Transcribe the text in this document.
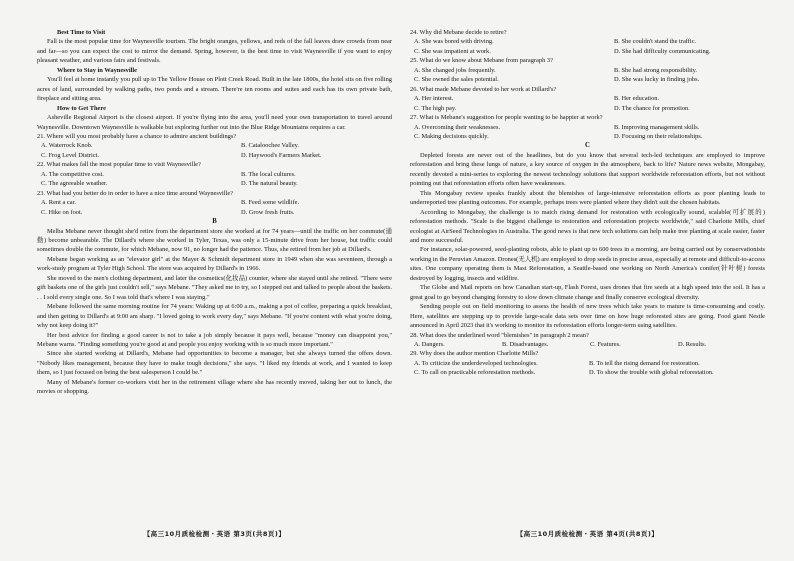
Best Time to Visit

Fall is the most popular time for Waynesville tourism. The bright oranges, yellows, and reds of the fall leaves draw crowds from near and far—so you can expect the cost to mirror the demand. Spring, however, is the best time to visit Waynesville if you want to enjoy pleasant weather, and various fairs and festivals.

Where to Stay in Waynesville

You'll feel at home instantly you pull up to The Yellow House on Plott Creek Road. Built in the late 1800s, the hotel sits on five rolling acres of land, surrounded by walking paths, two ponds and a stream. There're ten rooms and suites and each has its own private bath, fireplace and sitting area.

How to Get There

Asheville Regional Airport is the closest airport. If you're flying into the area, you'll need your own transportation to travel around Waynesville. Downtown Waynesville is walkable but exploring further out into the Blue Ridge Mountains requires a car.

21. Where will you most probably have a chance to admire ancient buildings?
A. Waterrock Knob.	B. Cataloochee Valley.
C. Frog Level District.	D. Haywood's Farmers Market.
22. What makes fall the most popular time to visit Waynesville?
A. The competitive cost.	B. The local cultures.
C. The agreeable weather.	D. The natural beauty.
23. What had you better do in order to have a nice time around Waynesville?
A. Rent a car.	B. Feed some wildlife.
C. Hike on foot.	D. Grow fresh fruits.
B

Melba Mebane never thought she'd retire from the department store she worked at for 74 years—until the traffic on her commute(通勤) become unbearable. The Dillard's where she worked in Tyler, Texas, was only a 15-minute drive from her house, but traffic could sometimes double the commute, for which Mebane, now 91, no longer had the patience. Thus, she retired from her job at Dillard's.

Mebane began working as an "elevator girl" at the Mayer & Schmidt department store in 1949 when she was seventeen, through a work-study program at Tyler High School. The store was acquired by Dillard's in 1966.

She moved to the men's clothing department, and later the cosmetics(化妆品) counter, where she stayed until she retired. "There were gift baskets one of the girls just couldn't sell," says Mebane. "They asked me to try, so I stepped out and talked to people about the baskets. . . I sold every single one. So I was told that's where I was staying."

Mebane followed the same morning routine for 74 years: Waking up at 6:00 a.m., making a pot of coffee, preparing a quick breakfast, and then getting to Dillard's at 9:00 am sharp. "I loved going to work every day," says Mebane. "If you're content with what you're doing, why not keep doing it?"

Her best advice for finding a good career is not to take a job simply because it pays well, because "money can disappoint you," Mebane warns. "Finding something you're good at and people you enjoy working with is so much more important."

Since she started working at Dillard's, Mebane had opportunities to become a manager, but she always turned the offers down. "Nobody likes management, because they have to make tough decisions," she says. "I liked my friends at work, and I wanted to keep them, so I just focused on being the best salesperson I could be."

Many of Mebane's former co-workers visit her in the retirement village where she has recently moved, taking her out to lunch, the movies or shopping.

【高三10月质检检测・英语 第3页(共8页)】
24. Why did Mebane decide to retire?
A. She was bored with driving.	B. She couldn't stand the traffic.
C. She was impatient at work.	D. She had difficulty communicating.
25. What do we know about Mebane from paragraph 3?
A. She changed jobs frequently.	B. She had strong responsibility.
C. She owned the sales potential.	D. She was lucky in finding jobs.
26. What made Mebane devoted to her work at Dillard's?
A. Her interest.	B. Her education.
C. The high pay.	D. The chance for promotion.
27. What is Mebane's suggestion for people wanting to be happier at work?
A. Overcoming their weaknesses.	B. Improving management skills.
C. Making decisions quickly.	D. Focusing on their relationships.
C

Depleted forests are never out of the headlines, but do you know that several tech-led techniques are employed to improve reforestation and bring these lungs of nature, a key source of oxygen in the atmosphere, back to life? Nature news website, Mongabay, recently devoted a mini-series to exploring the newest technology solutions that support worldwide reforestation efforts, but not without pointing out that reforestation efforts often have weaknesses.

This Mongabay review speaks frankly about the blemishes of large-intensive reforestation efforts as poor planting leads to underreported tree planting outcomes. For example, perhaps trees were planted where they didn't suit the chosen habitats.

According to Mongabay, the challenge is to match rising demand for restoration with ecologically sound, scalable(可扩展的) reforestation methods. "Scale is the biggest challenge to restoration and reforestation projects worldwide," said Charlotte Mills, chief ecologist at AirSeed Technologies in Australia. The good news is that new tech solutions can help make tree planting at scale easier, faster and more successful.

For instance, solar-powered, seed-planting robots, able to plant up to 600 trees in a morning, are being carried out by conservationists working in the Peruvian Amazon. Drones(无人机) are employed to drop seeds in precise areas, especially at remote and difficult-to-access sites. One company operating them is Mast Reforestation, a Seattle-based one working on North America's conifer(针叶树) forests destroyed by logging, insects and wildfire.

The Globe and Mail reports on how Canadian start-up, Flash Forest, uses drones that fire seeds at a high speed into the soil. It has a great goal to go beyond changing forestry to slow down climate change and finally conserve ecological diversity.

Sending people out on field monitoring to assess the health of new trees which take years to mature is time-consuming and costly. Here, satellites are stepping up to provide large-scale data sets over time on how huge reforested sites are going. Food giant Nestle announced in April 2023 that it's working to monitor its reforestation efforts longer-term using satellites.

28. What does the underlined word "blemishes" in paragraph 2 mean?
A. Dangers.	B. Disadvantages.	C. Features.	D. Results.
29. Why does the author mention Charlotte Mills?
A. To criticize the underdeveloped technologies.	B. To tell the rising demand for restoration.
C. To call on practicable reforestation methods.	D. To show the trouble with global reforestation.
【高三10月质检检测・英语 第4页(共8页)】
